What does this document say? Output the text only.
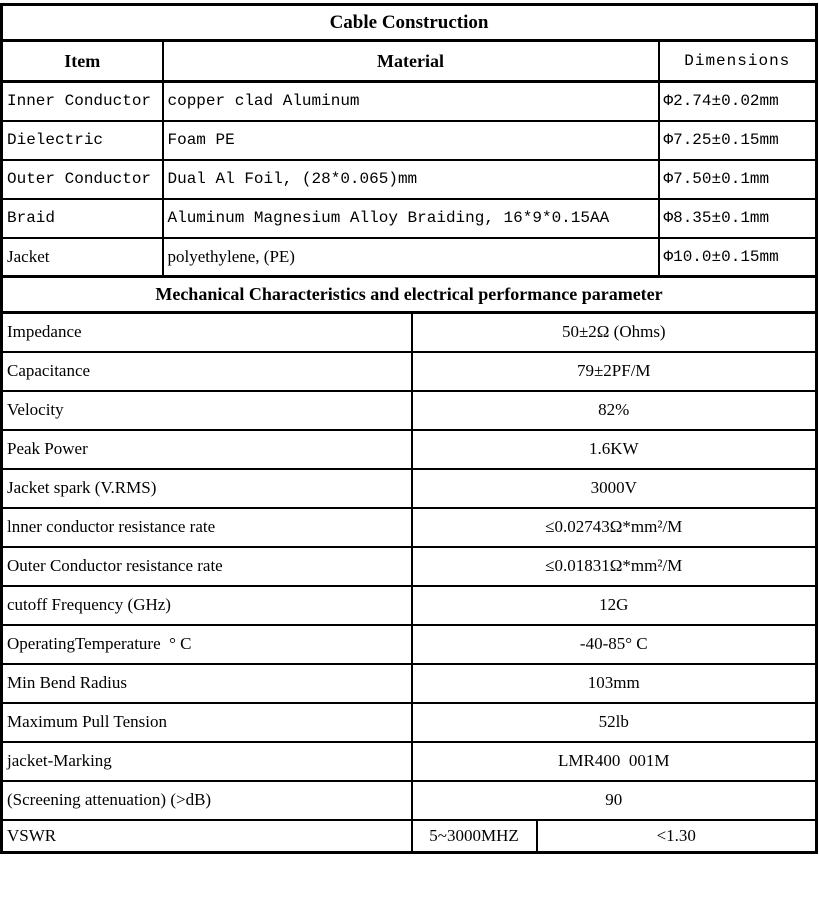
Cable Construction				
Item	Material			Dimensions
Inner Conductor	copper clad Aluminum			Φ2.74±0.02mm
Dielectric	Foam PE			Φ7.25±0.15mm
Outer Conductor	Dual Al Foil, (28*0.065)mm			Φ7.50±0.1mm
Braid	Aluminum Magnesium Alloy Braiding, 16*9*0.15AA			Φ8.35±0.1mm
Jacket	polyethylene, (PE)			Φ10.0±0.15mm
Mechanical Characteristics and electrical performance parameter				
Impedance		50±2Ω (Ohms)		
Capacitance		79±2PF/M		
Velocity		82%		
Peak Power		1.6KW		
Jacket spark (V.RMS)		3000V		
lnner conductor resistance rate		≤0.02743Ω*mm²/M		
Outer Conductor resistance rate		≤0.01831Ω*mm²/M		
cutoff Frequency (GHz)		12G		
OperatingTemperature  ° C		-40-85° C		
Min Bend Radius		103mm		
Maximum Pull Tension		52lb		
jacket-Marking		LMR400  001M		
(Screening attenuation) (>dB)		90		
VSWR		5~3000MHZ	<1.30	
